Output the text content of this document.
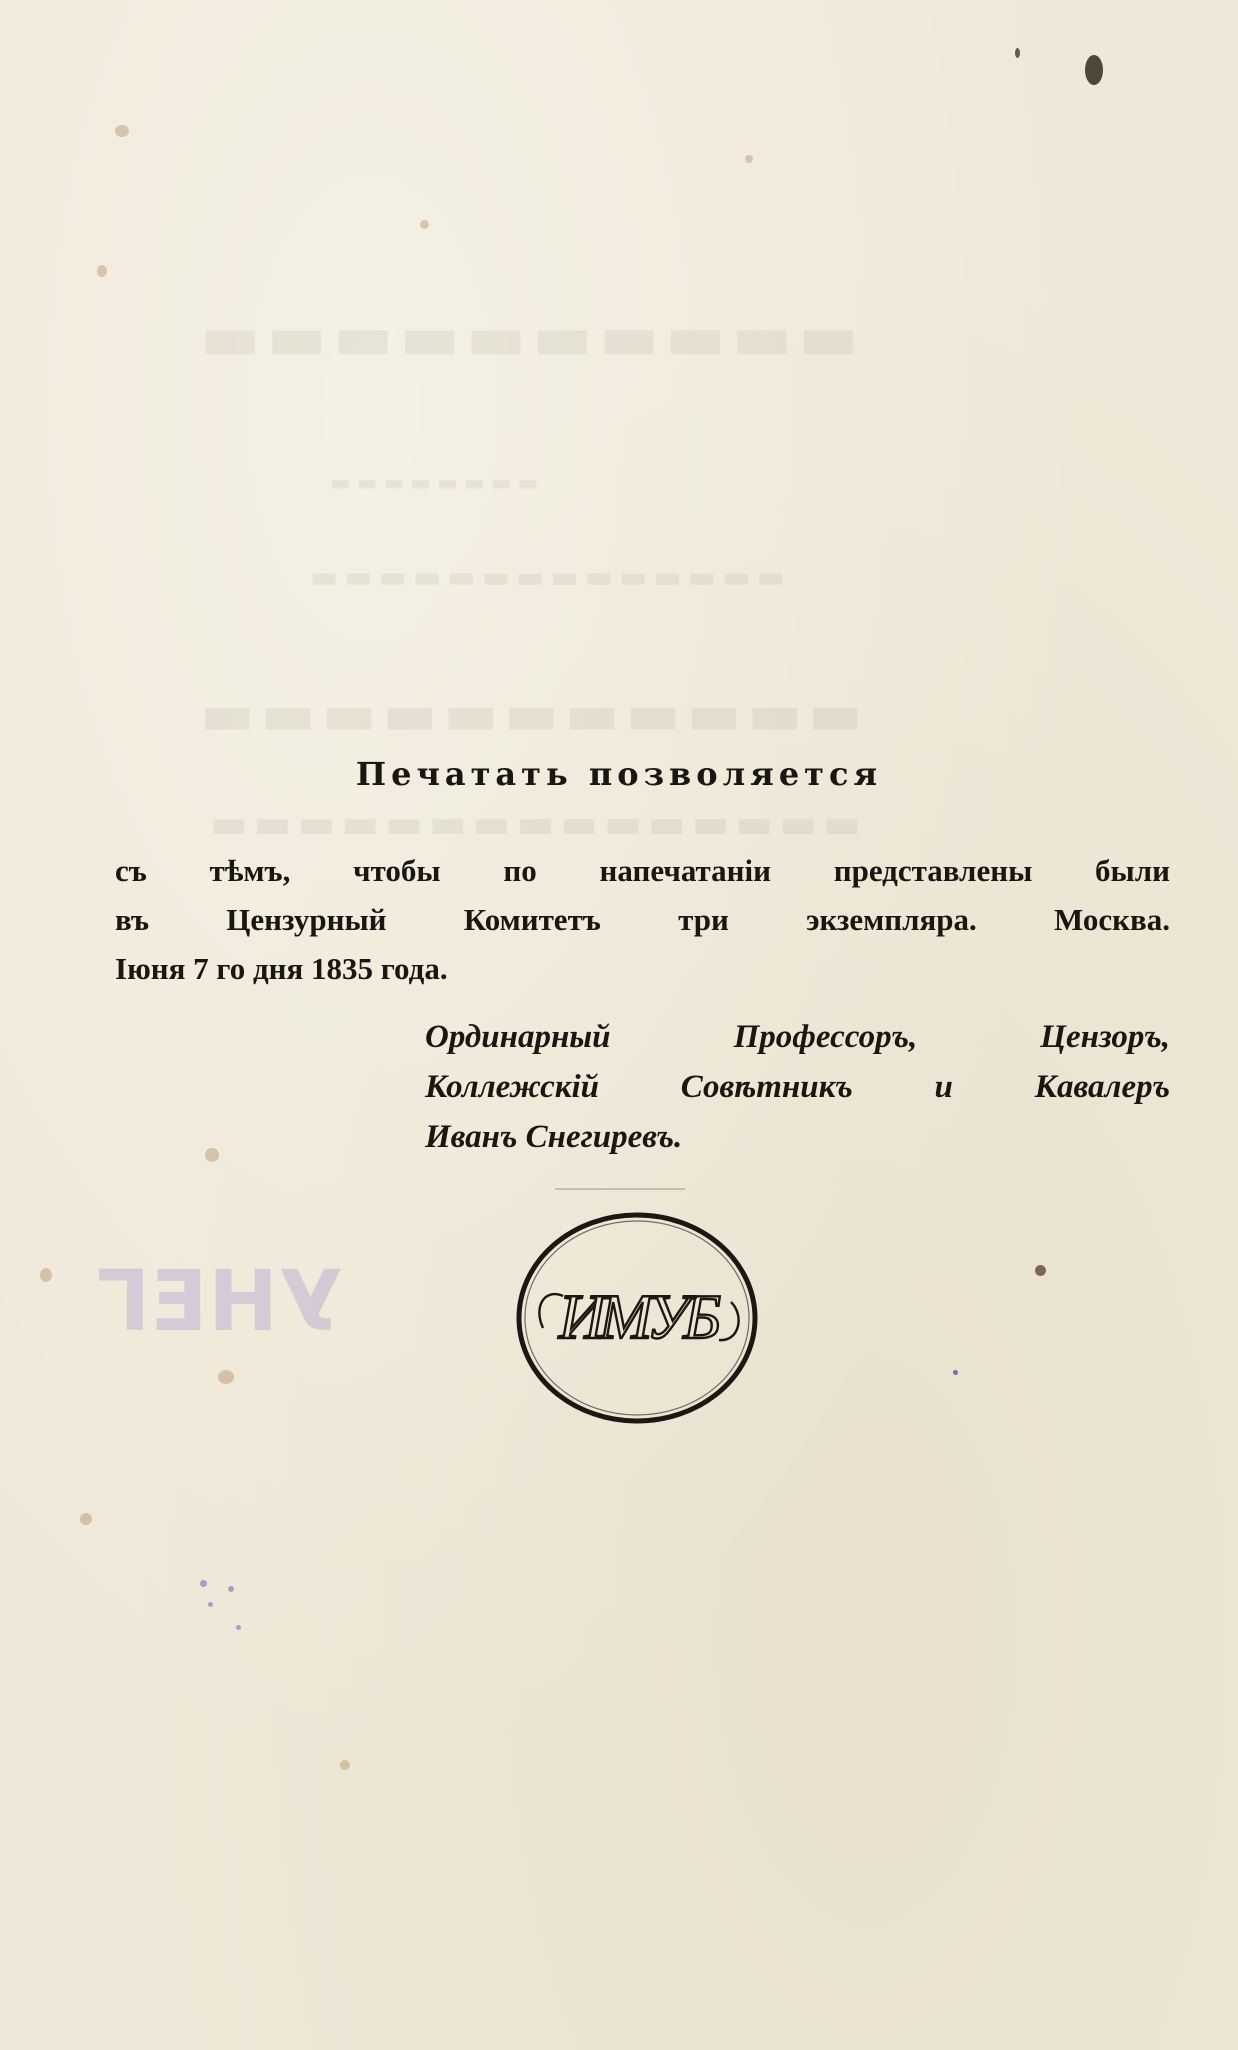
▬▬▬▬▬▬▬▬▬▬
▬▬▬▬▬▬▬▬
▬▬▬▬▬▬▬▬▬▬▬▬▬▬
▬▬▬▬▬▬▬▬▬▬▬
▬▬▬▬▬▬▬▬▬▬▬▬▬▬▬
УНЕГ
Печатать позволяется
съ тѣмъ, чтобы по напечатаніи представлены были
въ Цензурный Комитетъ три экземпляра. Москва.
Іюня 7 го дня 1835 года.
Ординарный Профессоръ, Цензоръ,
Коллежскій Совѣтникъ и Кавалеръ
Иванъ Снегиревъ.
ИМУБ
